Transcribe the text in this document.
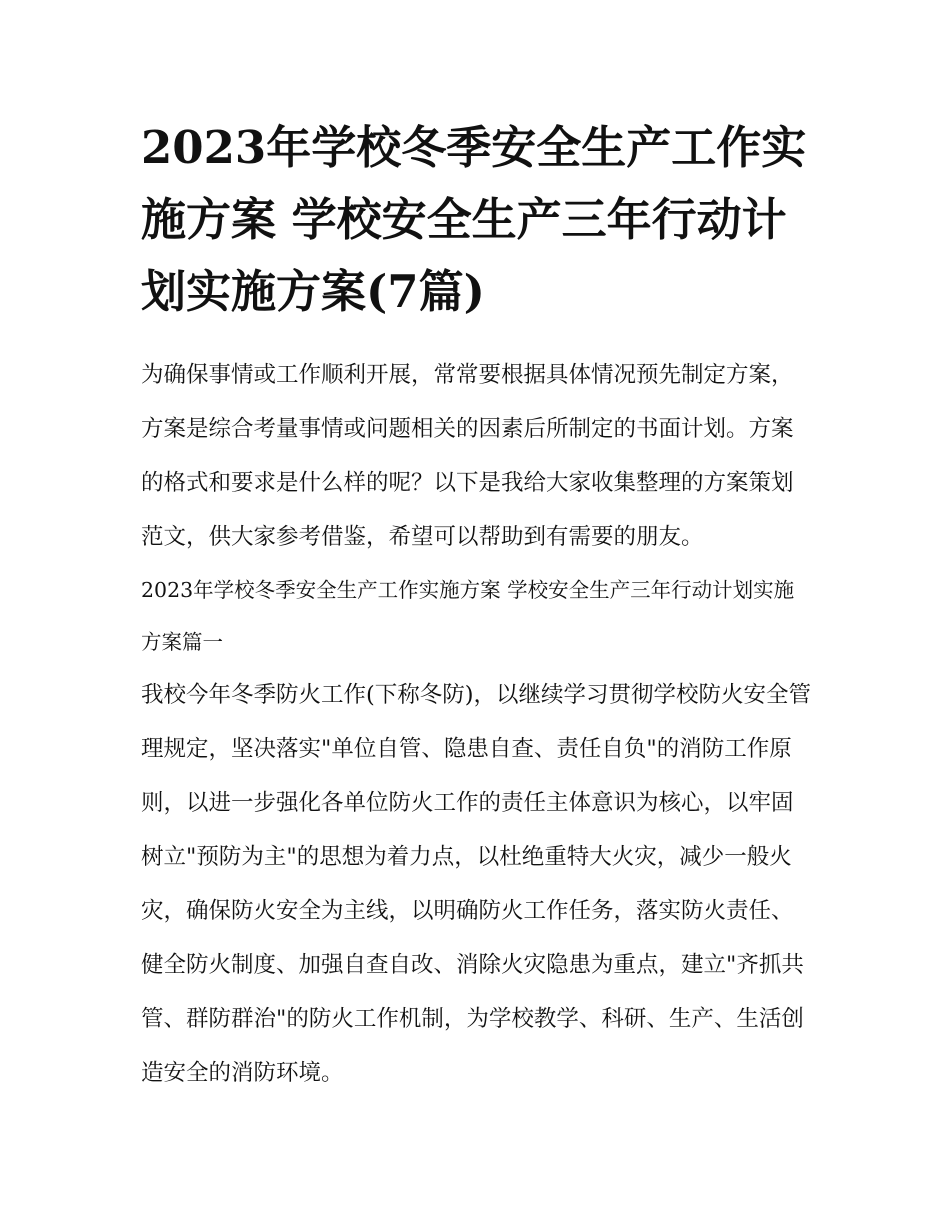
2023年学校冬季安全生产工作实施方案 学校安全生产三年行动计划实施方案(7篇)

为确保事情或工作顺利开展，常常要根据具体情况预先制定方案，方案是综合考量事情或问题相关的因素后所制定的书面计划。方案的格式和要求是什么样的呢？以下是我给大家收集整理的方案策划范文，供大家参考借鉴，希望可以帮助到有需要的朋友。

2023年学校冬季安全生产工作实施方案 学校安全生产三年行动计划实施方案篇一

我校今年冬季防火工作(下称冬防)，以继续学习贯彻学校防火安全管理规定，坚决落实"单位自管、隐患自查、责任自负"的消防工作原则，以进一步强化各单位防火工作的责任主体意识为核心，以牢固树立"预防为主"的思想为着力点，以杜绝重特大火灾，减少一般火灾，确保防火安全为主线，以明确防火工作任务，落实防火责任、健全防火制度、加强自查自改、消除火灾隐患为重点，建立"齐抓共管、群防群治"的防火工作机制，为学校教学、科研、生产、生活创造安全的消防环境。
